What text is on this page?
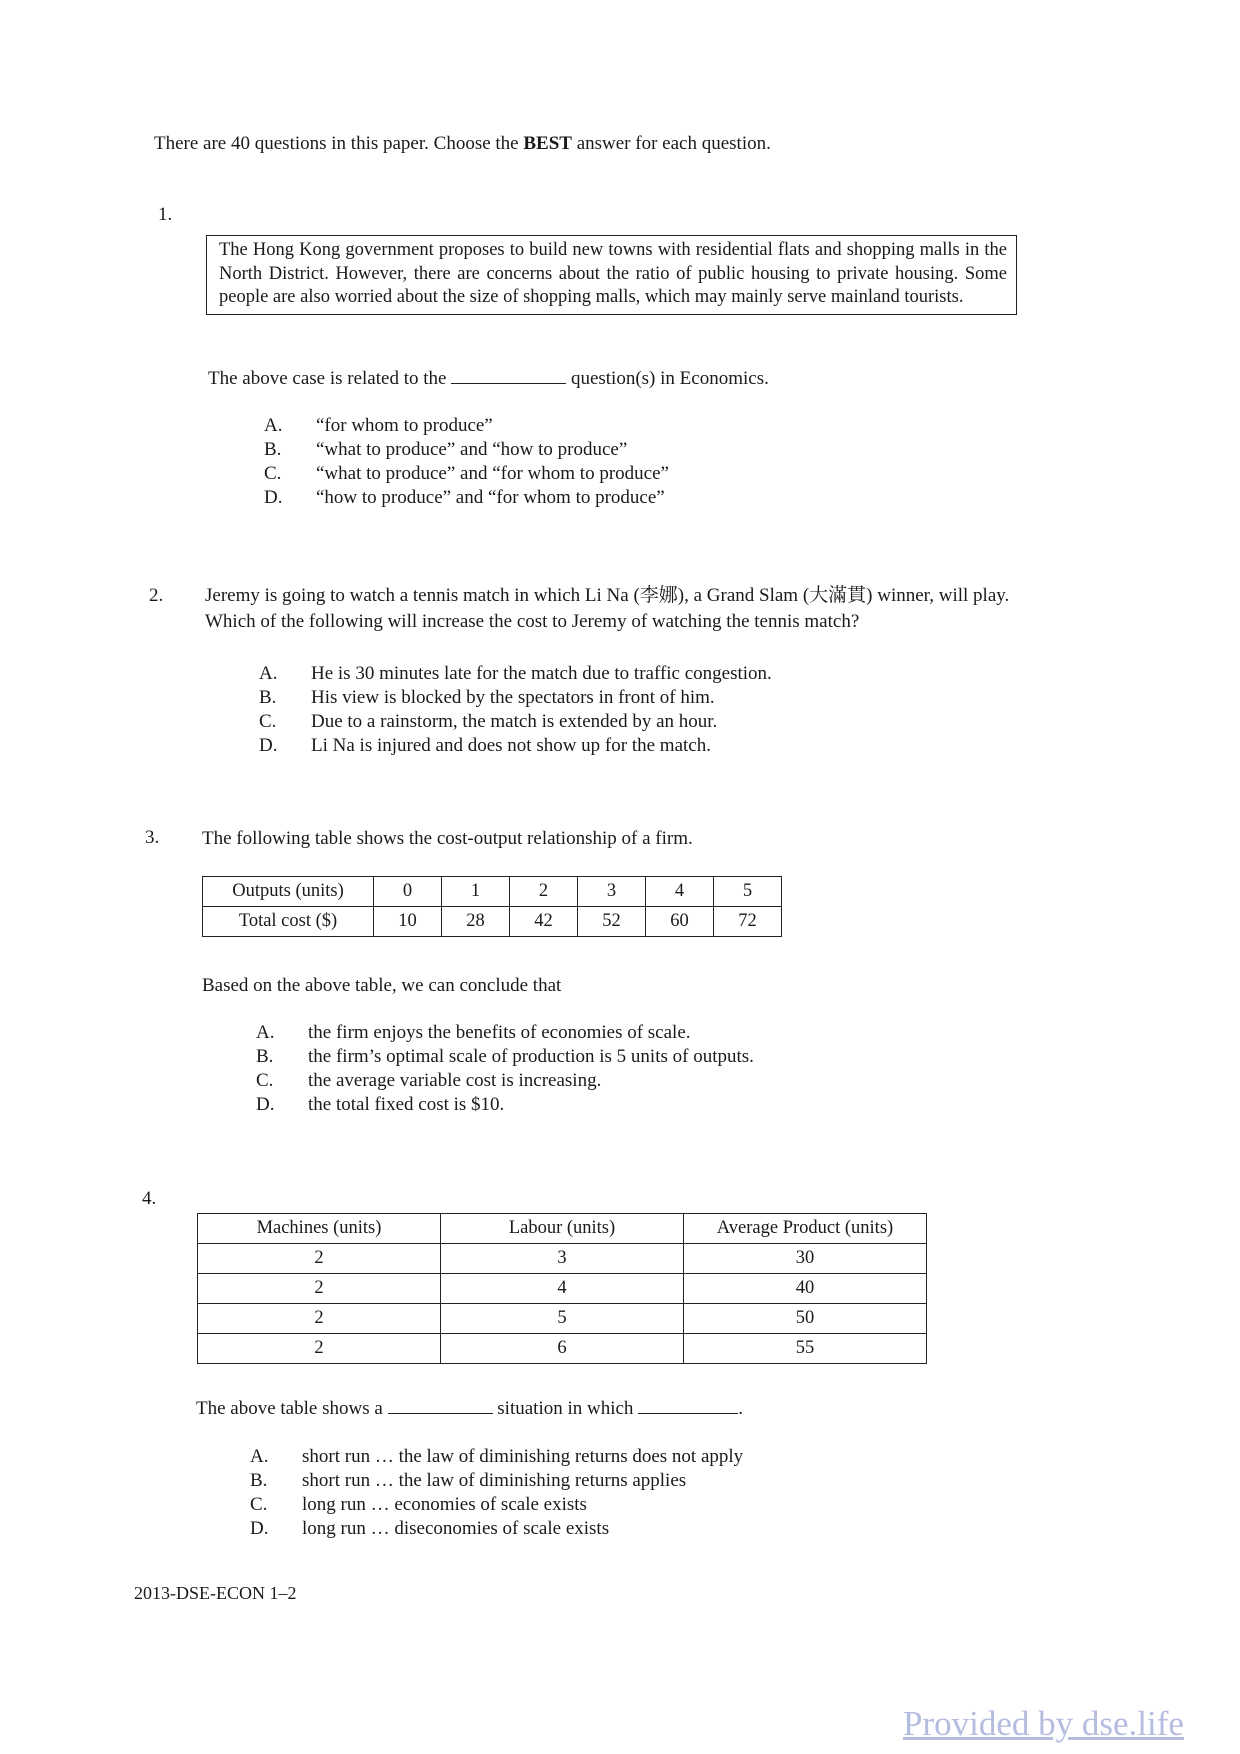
There are 40 questions in this paper. Choose the BEST answer for each question.
1.
The Hong Kong government proposes to build new towns with residential flats and shopping malls in the North District. However, there are concerns about the ratio of public housing to private housing. Some people are also worried about the size of shopping malls, which may mainly serve mainland tourists.
The above case is related to the	question(s) in Economics.
A.	“for whom to produce”
B.	“what to produce” and “how to produce”
C.	“what to produce” and “for whom to produce”
D.	“how to produce” and “for whom to produce”
2. Jeremy is going to watch a tennis match in which Li Na (李娜), a Grand Slam (大滿貫) winner, will play.
Which of the following will increase the cost to Jeremy of watching the tennis match?
A.	He is 30 minutes late for the match due to traffic congestion.
B.	His view is blocked by the spectators in front of him.
C.	Due to a rainstorm, the match is extended by an hour.
D.	Li Na is injured and does not show up for the match.
3. The following table shows the cost-output relationship of a firm.
Outputs (units)	0	1	2	3	4	5
Total cost ($)	10	28	42	52	60	72
Based on the above table, we can conclude that
A.	the firm enjoys the benefits of economies of scale.
B.	the firm’s optimal scale of production is 5 units of outputs.
C.	the average variable cost is increasing.
D.	the total fixed cost is $10.
4.
Machines (units)	Labour (units)	Average Product (units)
2	3	30
2	4	40
2	5	50
2	6	55
The above table shows a	situation in which	.
A.	short run … the law of diminishing returns does not apply
B.	short run … the law of diminishing returns applies
C.	long run … economies of scale exists
D.	long run … diseconomies of scale exists
2013-DSE-ECON 1–2
Provided by dse.life
